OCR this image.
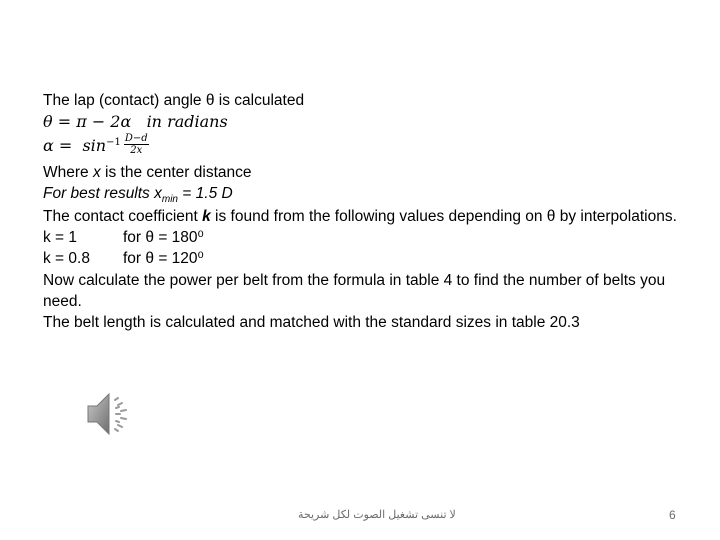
The lap (contact) angle θ is calculated
θ = π − 2α in radians
$\alpha = \sin^{-1} \frac{D-d}{2x}$
Where x is the center distance
For best results $x_{min} = 1.5$ D
The contact coefficient k is found from the following values depending on θ by interpolations.
k = 1	for θ = 180⁰
k = 0.8 for θ = 120⁰
Now calculate the power per belt from the formula in table 4 to find the number of belts you need.
The belt length is calculated and matched with the standard sizes in table 20.3
لا تنسى تشغيل الصوت لكل شريحة	6
